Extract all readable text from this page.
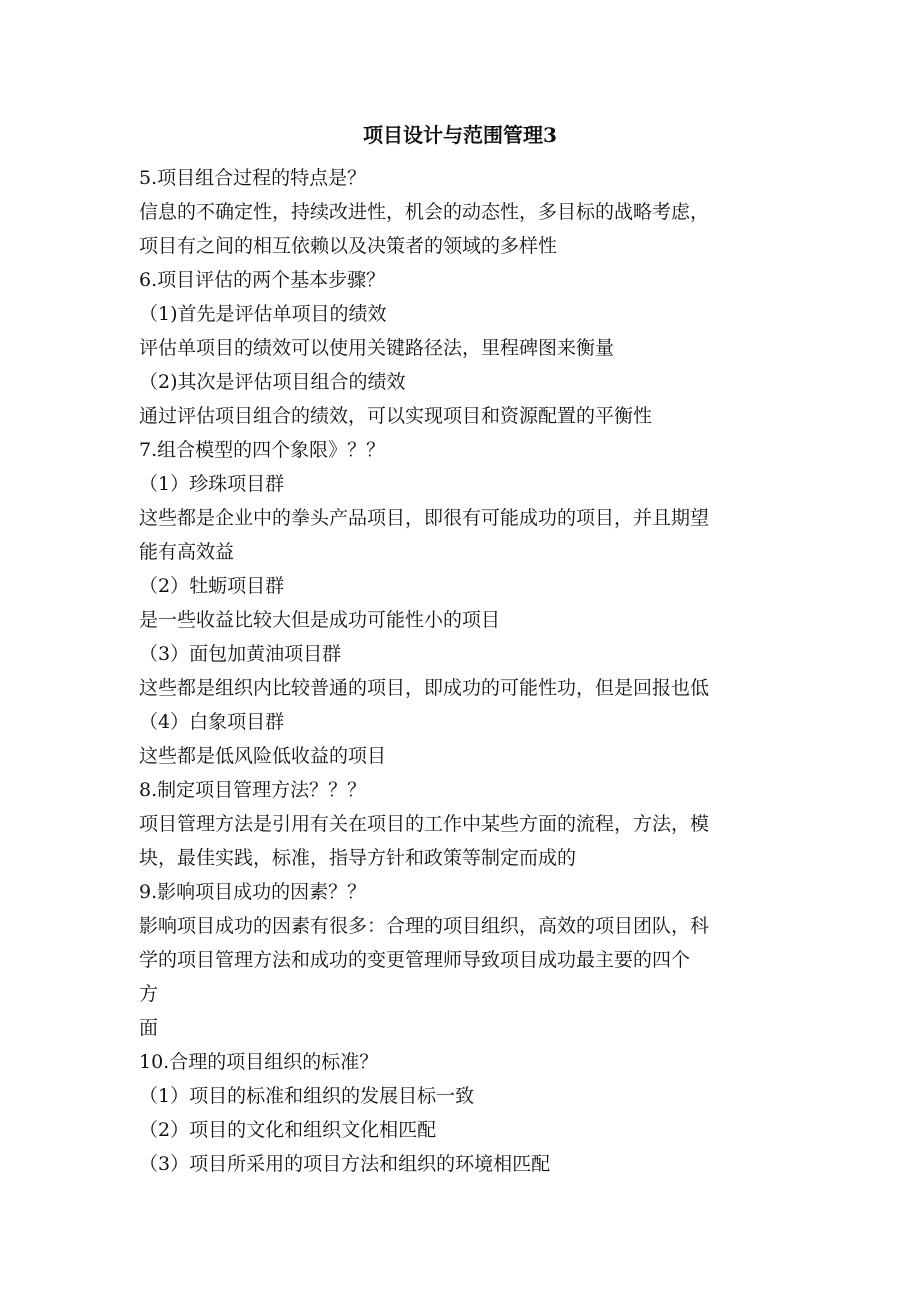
项目设计与范围管理3
5.项目组合过程的特点是？
信息的不确定性，持续改进性，机会的动态性，多目标的战略考虑，
项目有之间的相互依赖以及决策者的领域的多样性
6.项目评估的两个基本步骤？
（1)首先是评估单项目的绩效
评估单项目的绩效可以使用关键路径法，里程碑图来衡量
（2)其次是评估项目组合的绩效
通过评估项目组合的绩效，可以实现项目和资源配置的平衡性
7.组合模型的四个象限》？？
（1）珍珠项目群
这些都是企业中的拳头产品项目，即很有可能成功的项目，并且期望
能有高效益
（2）牡蛎项目群
是一些收益比较大但是成功可能性小的项目
（3）面包加黄油项目群
这些都是组织内比较普通的项目，即成功的可能性功，但是回报也低
（4）白象项目群
这些都是低风险低收益的项目
8.制定项目管理方法？？？
项目管理方法是引用有关在项目的工作中某些方面的流程，方法，模
块，最佳实践，标准，指导方针和政策等制定而成的
9.影响项目成功的因素？？
影响项目成功的因素有很多：合理的项目组织，高效的项目团队，科
学的项目管理方法和成功的变更管理师导致项目成功最主要的四个
方
面
10.合理的项目组织的标准？
（1）项目的标准和组织的发展目标一致
（2）项目的文化和组织文化相匹配
（3）项目所采用的项目方法和组织的环境相匹配
